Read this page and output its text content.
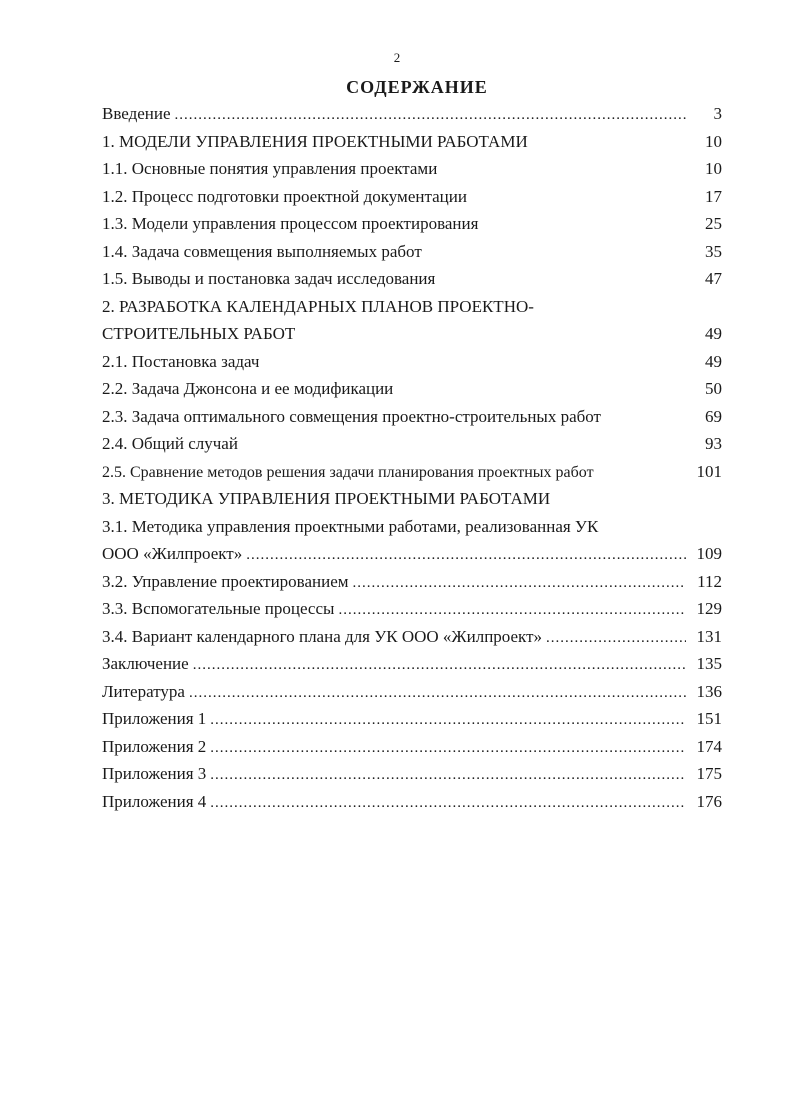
2
СОДЕРЖАНИЕ
Введение .....	3
1. МОДЕЛИ УПРАВЛЕНИЯ ПРОЕКТНЫМИ РАБОТАМИ	10
1.1. Основные понятия управления проектами	10
1.2. Процесс подготовки проектной документации	17
1.3. Модели управления процессом проектирования	25
1.4. Задача совмещения выполняемых работ	35
1.5. Выводы и постановка задач исследования	47
2. РАЗРАБОТКА КАЛЕНДАРНЫХ ПЛАНОВ ПРОЕКТНО-
СТРОИТЕЛЬНЫХ РАБОТ	49
2.1. Постановка задач	49
2.2. Задача Джонсона и ее модификации	50
2.3. Задача оптимального совмещения проектно-строительных работ	69
2.4. Общий случай	93
2.5. Сравнение методов решения задачи планирования проектных работ	101
3. МЕТОДИКА УПРАВЛЕНИЯ ПРОЕКТНЫМИ РАБОТАМИ
3.1. Методика управления проектными работами, реализованная УК
ООО «Жилпроект» .....	109
3.2. Управление проектированием .....	112
3.3. Вспомогательные процессы .....	129
3.4. Вариант календарного плана для УК ООО «Жилпроект» .....	131
Заключение .....	135
Литература .....	136
Приложения 1 .....	151
Приложения 2 .....	174
Приложения 3 .....	175
Приложения 4 .....	176
